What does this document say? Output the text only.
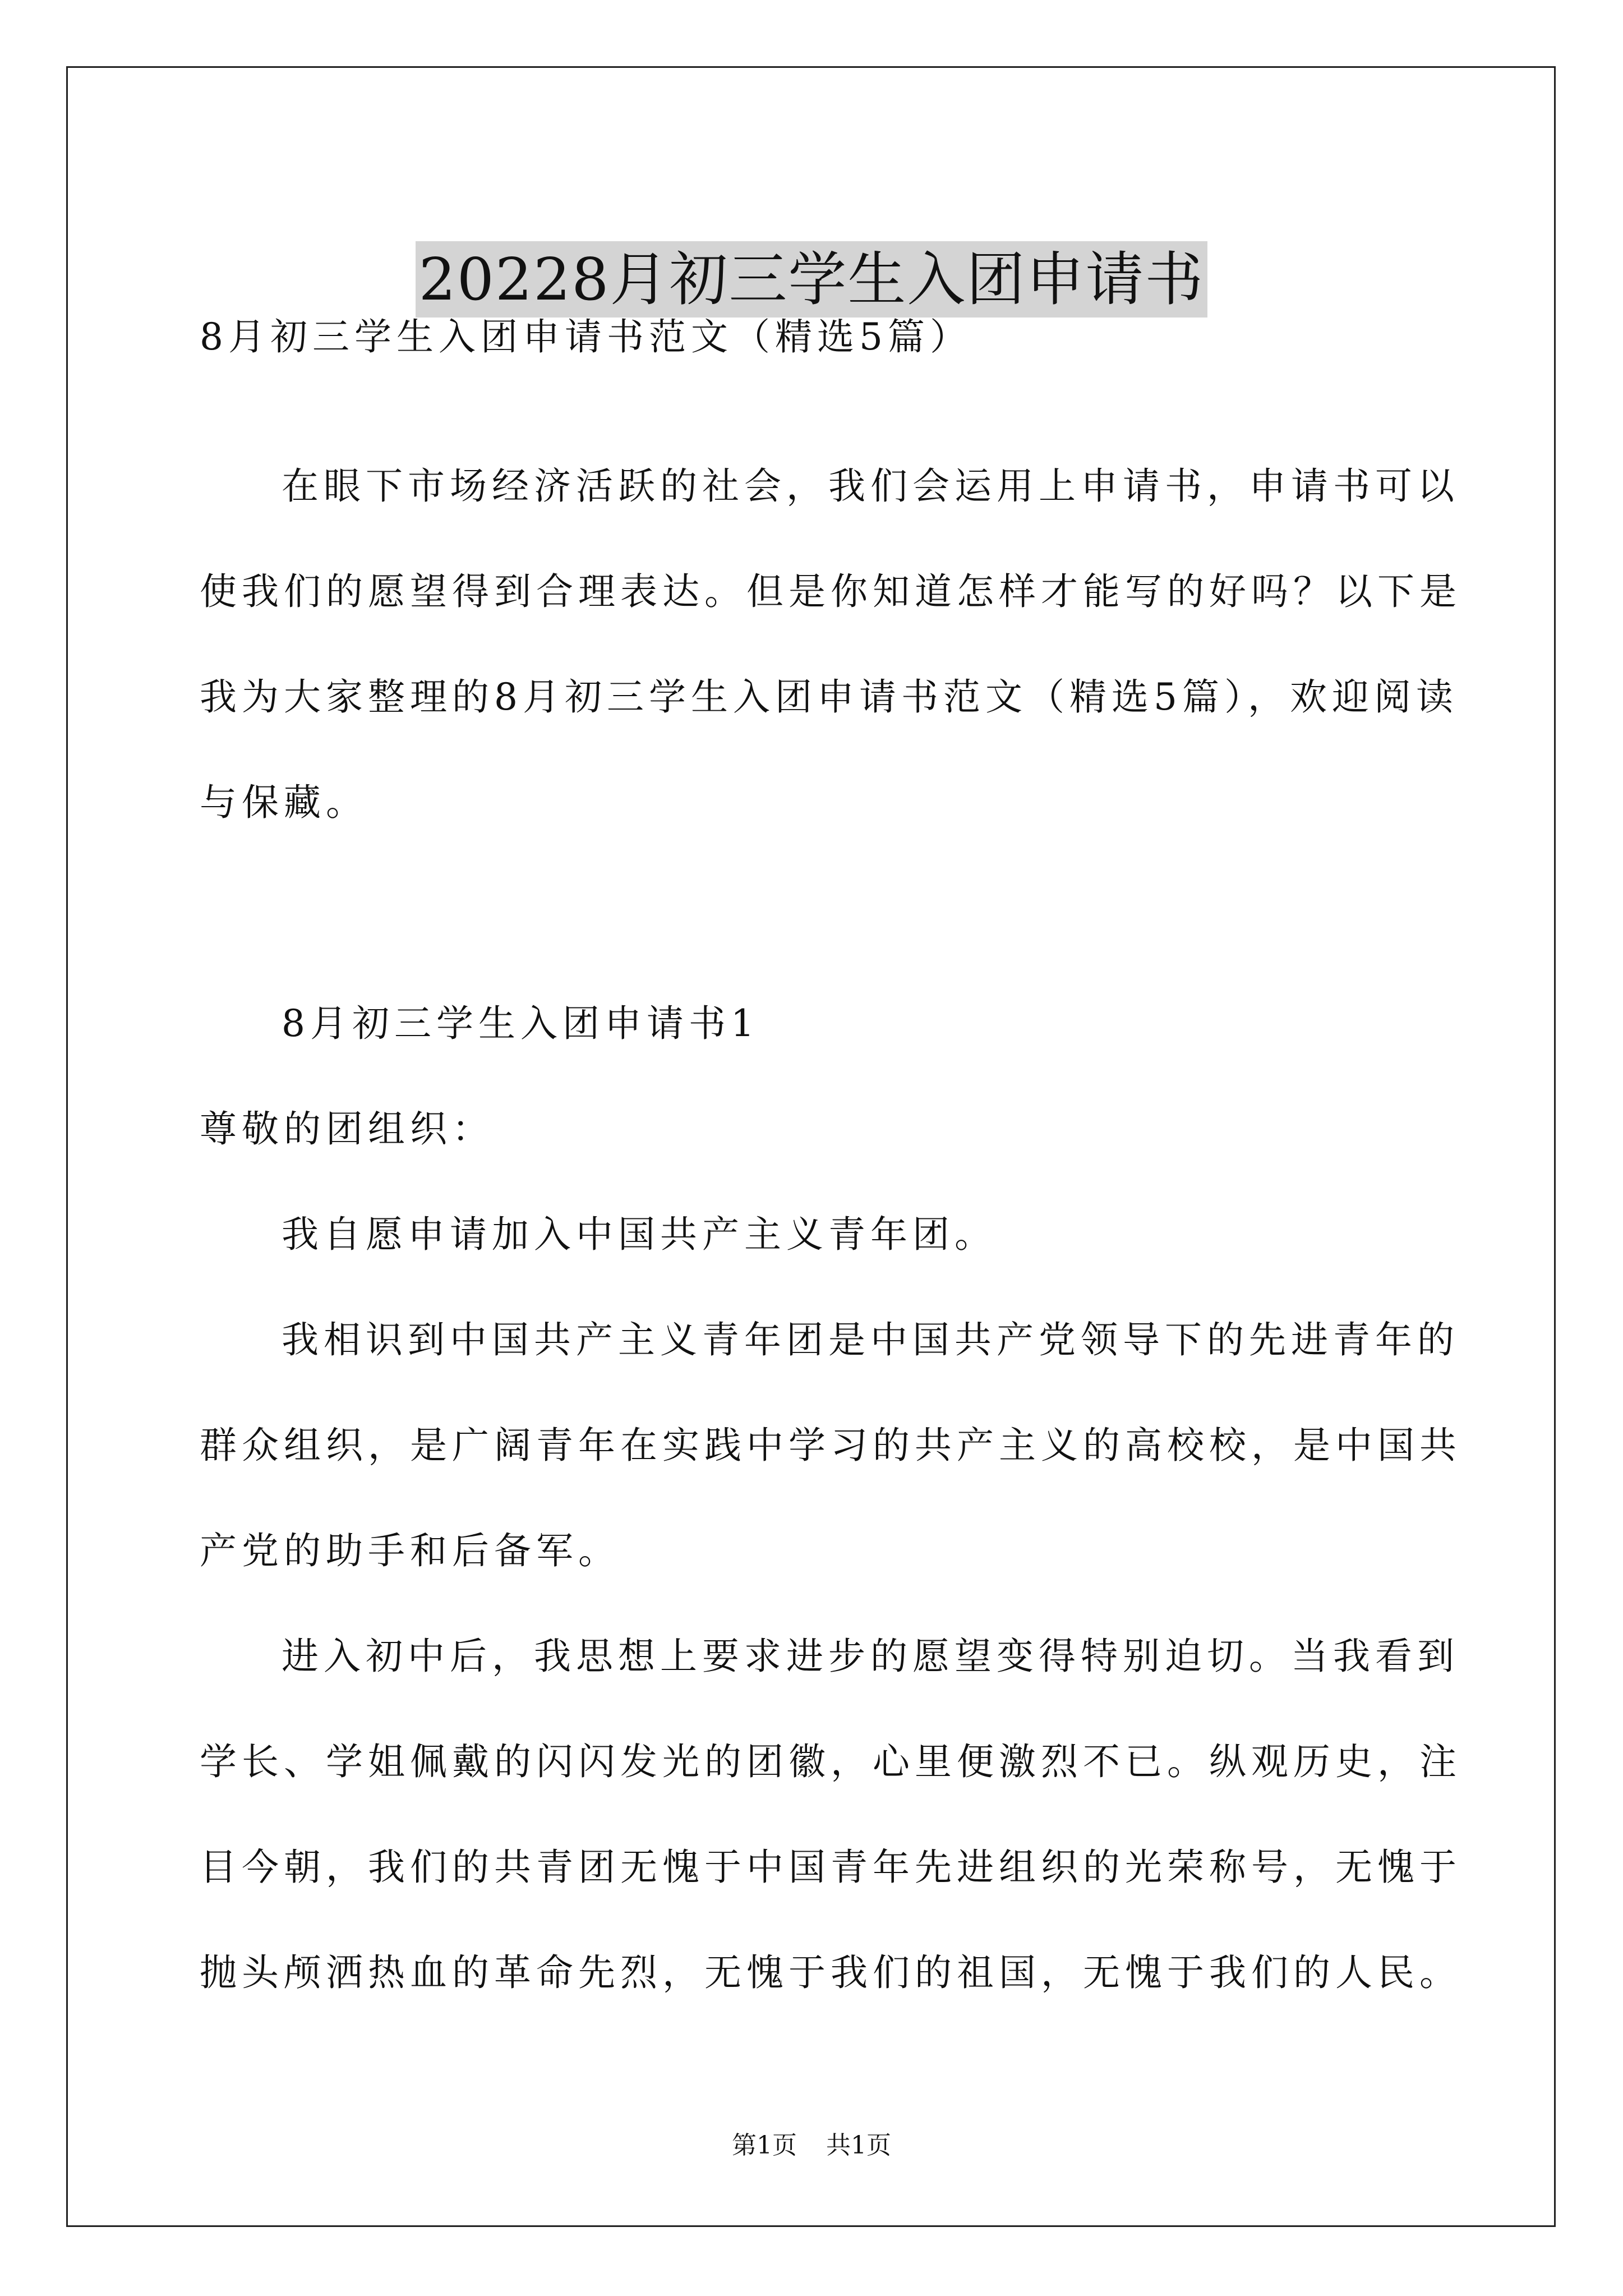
20228月初三学生入团申请书
8月初三学生入团申请书范文（精选5篇）
在眼下市场经济活跃的社会，我们会运用上申请书，申请书可以
使我们的愿望得到合理表达。但是你知道怎样才能写的好吗？以下是
我为大家整理的8月初三学生入团申请书范文（精选5篇），欢迎阅读
与保藏。
8月初三学生入团申请书1
尊敬的团组织：
我自愿申请加入中国共产主义青年团。
我相识到中国共产主义青年团是中国共产党领导下的先进青年的
群众组织，是广阔青年在实践中学习的共产主义的高校校，是中国共
产党的助手和后备军。
进入初中后，我思想上要求进步的愿望变得特别迫切。当我看到
学长、学姐佩戴的闪闪发光的团徽，心里便激烈不已。纵观历史，注
目今朝，我们的共青团无愧于中国青年先进组织的光荣称号，无愧于
抛头颅洒热血的革命先烈，无愧于我们的祖国，无愧于我们的人民。
第1页 共1页
